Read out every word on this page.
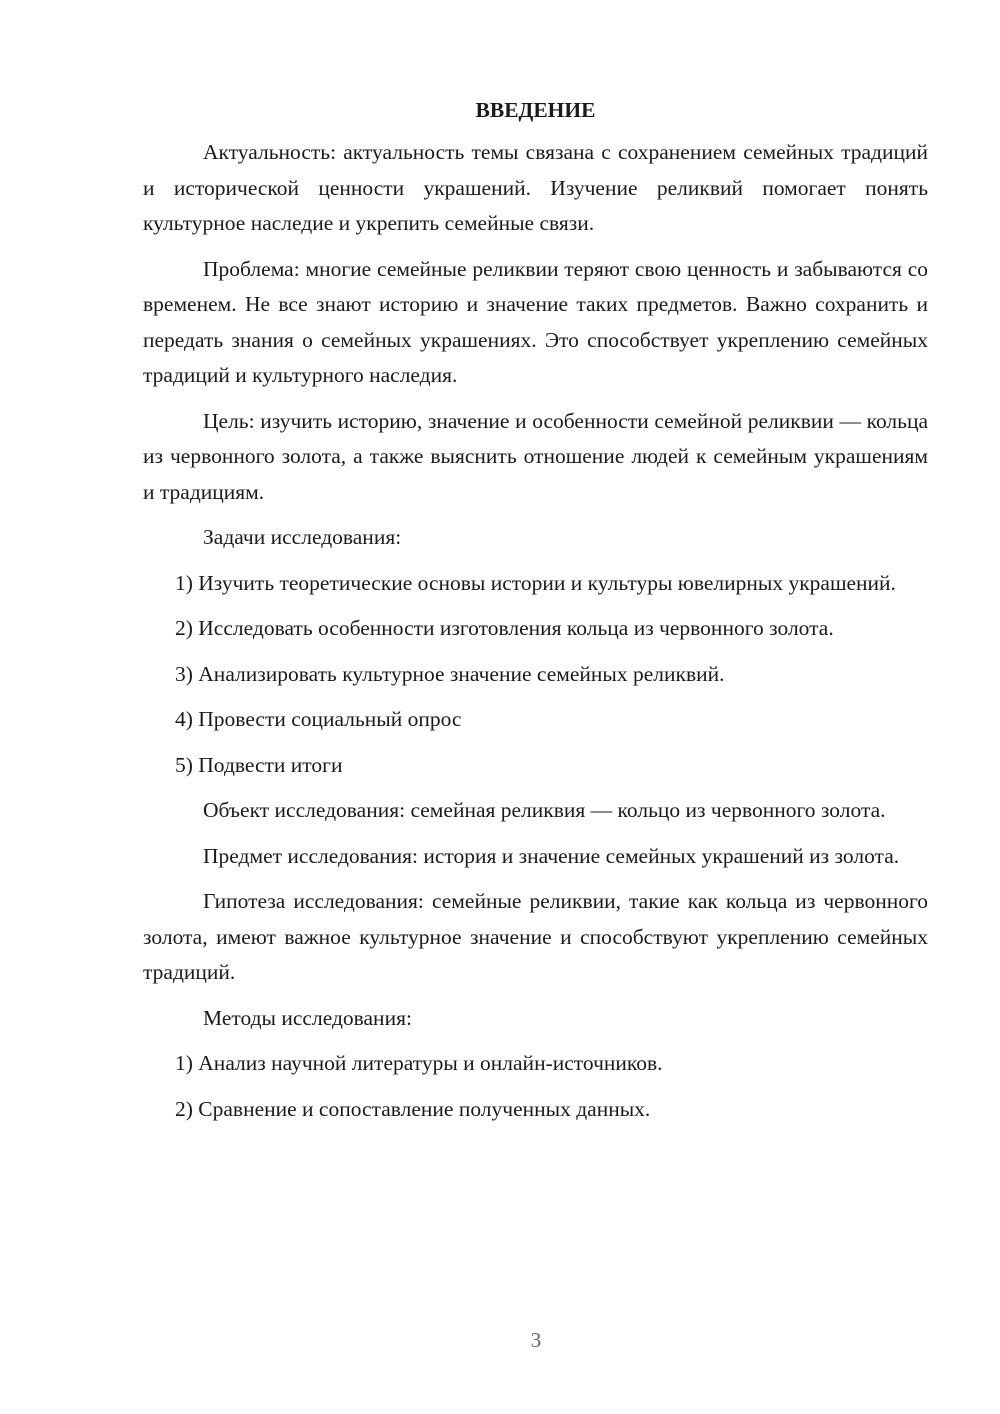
ВВЕДЕНИЕ

Актуальность: актуальность темы связана с сохранением семейных традиций и исторической ценности украшений. Изучение реликвий помогает понять культурное наследие и укрепить семейные связи.

Проблема: многие семейные реликвии теряют свою ценность и забываются со временем. Не все знают историю и значение таких предметов. Важно сохранить и передать знания о семейных украшениях. Это способствует укреплению семейных традиций и культурного наследия.

Цель: изучить историю, значение и особенности семейной реликвии — кольца из червонного золота, а также выяснить отношение людей к семейным украшениям и традициям.

Задачи исследования:

1) Изучить теоретические основы истории и культуры ювелирных украшений.

2) Исследовать особенности изготовления кольца из червонного золота.

3) Анализировать культурное значение семейных реликвий.

4) Провести социальный опрос

5) Подвести итоги

Объект исследования: семейная реликвия — кольцо из червонного золота.

Предмет исследования: история и значение семейных украшений из золота.

Гипотеза исследования: семейные реликвии, такие как кольца из червонного золота, имеют важное культурное значение и способствуют укреплению семейных традиций.

Методы исследования:

1) Анализ научной литературы и онлайн-источников.

2) Сравнение и сопоставление полученных данных.

3
